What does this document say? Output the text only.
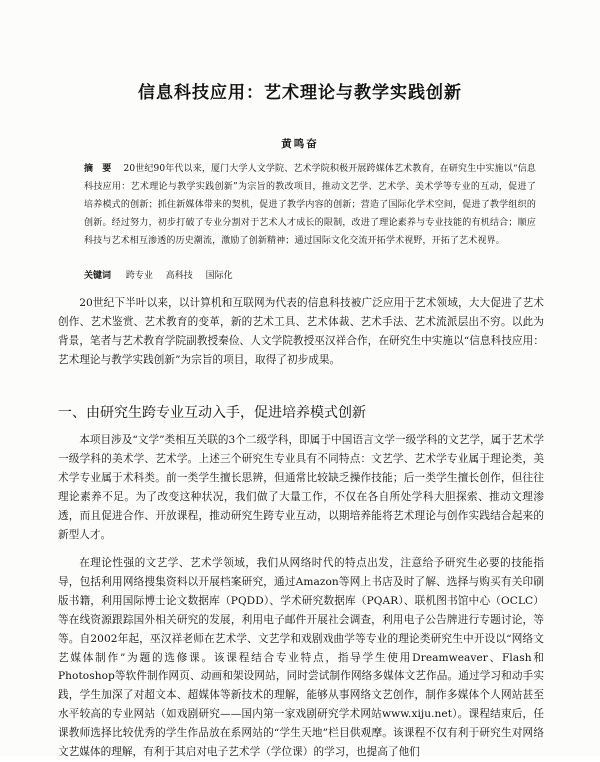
信息科技应用：艺术理论与教学实践创新
黄鸣奋
摘　要 20世纪90年代以来，厦门大学人文学院、艺术学院积极开展跨媒体艺术教育，在研究生中实施以“信息科技应用：艺术理论与教学实践创新”为宗旨的教改项目，推动文艺学、艺术学、美术学等专业的互动，促进了培养模式的创新；抓住新媒体带来的契机，促进了教学内容的创新；营造了国际化学术空间，促进了教学组织的创新。经过努力，初步打破了专业分割对于艺术人才成长的限制，改进了理论素养与专业技能的有机结合；顺应科技与艺术相互渗透的历史潮流，激励了创新精神；通过国际文化交流开拓学术视野，开拓了艺术视界。
关键词 跨专业 高科技 国际化
20世纪下半叶以来，以计算机和互联网为代表的信息科技被广泛应用于艺术领域，大大促进了艺术创作、艺术鉴赏、艺术教育的变革，新的艺术工具、艺术体裁、艺术手法、艺术流派层出不穷。以此为背景，笔者与艺术教育学院副教授秦俭、人文学院教授巫汉祥合作，在研究生中实施以“信息科技应用：艺术理论与教学实践创新”为宗旨的项目，取得了初步成果。
一、由研究生跨专业互动入手，促进培养模式创新
本项目涉及“文学”类相互关联的3个二级学科，即属于中国语言文学一级学科的文艺学，属于艺术学一级学科的美术学、艺术学。上述三个研究生专业具有不同特点：文艺学、艺术学专业属于理论类，美术学专业属于术科类。前一类学生擅长思辨，但通常比较缺乏操作技能；后一类学生擅长创作，但往往理论素养不足。为了改变这种状况，我们做了大量工作，不仅在各自所处学科大胆探索、推动文理渗透，而且促进合作、开放课程，推动研究生跨专业互动，以期培养能将艺术理论与创作实践结合起来的新型人才。
在理论性强的文艺学、艺术学领域，我们从网络时代的特点出发，注意给予研究生必要的技能指导，包括利用网络搜集资料以开展档案研究，通过Amazon等网上书店及时了解、选择与购买有关印刷版书籍，利用国际博士论文数据库（PQDD）、学术研究数据库（PQAR）、联机图书馆中心（OCLC）等在线资源跟踪国外相关研究的发展，利用电子邮件开展社会调查，利用电子公告牌进行专题讨论，等等。自2002年起，巫汉祥老师在艺术学、文艺学和戏剧戏曲学等专业的理论类研究生中开设以“网络文艺媒体制作”为题的选修课。该课程结合专业特点，指导学生使用Dreamweaver、Flash和Photoshop等软件制作网页、动画和架设网站，同时尝试制作网络多媒体文艺作品。通过学习和动手实践，学生加深了对超文本、超媒体等新技术的理解，能够从事网络文艺创作，制作多媒体个人网站甚至水平较高的专业网站（如戏剧研究——国内第一家戏剧研究学术网站www.xiju.net）。课程结束后，任课教师选择比较优秀的学生作品放在系网站的“学生天地”栏目供观摩。该课程不仅有利于研究生对网络文艺媒体的理解，有利于其启对电子艺术学（学位课）的学习，也提高了他们
